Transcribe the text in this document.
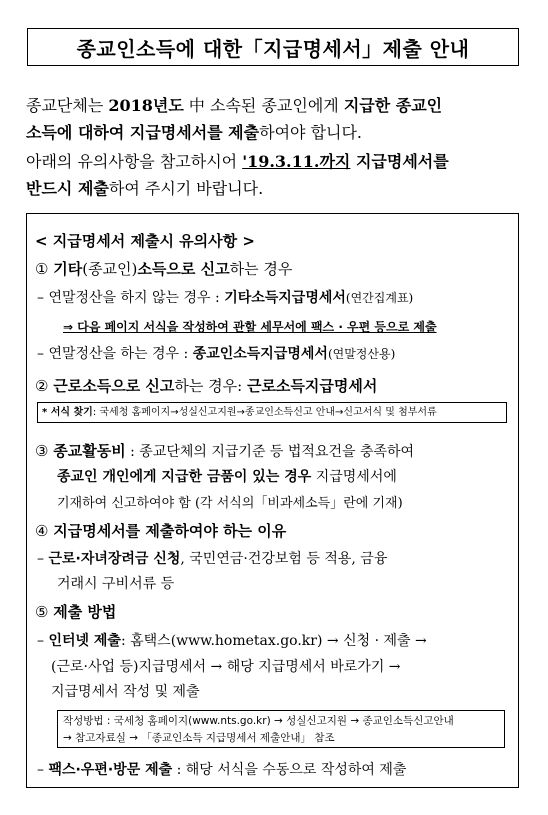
종교인소득에 대한「지급명세서」제출 안내
종교단체는 2018년도 中 소속된 종교인에게 지급한 종교인
소득에 대하여 지급명세서를 제출하여야 합니다.
아래의 유의사항을 참고하시어 '19.3.11.까지 지급명세서를
반드시 제출하여 주시기 바랍니다.
< 지급명세서 제출시 유의사항 >
① 기타(종교인)소득으로 신고하는 경우
– 연말정산을 하지 않는 경우 : 기타소득지급명세서(연간집계표)
⇒ 다음 페이지 서식을 작성하여 관할 세무서에 팩스 · 우편 등으로 제출
– 연말정산을 하는 경우 : 종교인소득지급명세서(연말정산용)
② 근로소득으로 신고하는 경우: 근로소득지급명세서
* 서식 찾기: 국세청 홈페이지→성실신고지원→종교인소득신고 안내→신고서식 및 첨부서류
③ 종교활동비 : 종교단체의 지급기준 등 법적요건을 충족하여
종교인 개인에게 지급한 금품이 있는 경우 지급명세서에
기재하여 신고하여야 함 (각 서식의「비과세소득」란에 기재)
④ 지급명세서를 제출하여야 하는 이유
– 근로·자녀장려금 신청, 국민연금·건강보험 등 적용, 금융
거래시 구비서류 등
⑤ 제출 방법
– 인터넷 제출: 홈택스(www.hometax.go.kr) → 신청 · 제출 →
(근로·사업 등)지급명세서 → 해당 지급명세서 바로가기 →
지급명세서 작성 및 제출
작성방법 : 국세청 홈페이지(www.nts.go.kr) → 성실신고지원 → 종교인소득신고안내
→ 참고자료실 → 「종교인소득 지급명세서 제출안내」 참조
– 팩스·우편·방문 제출 : 해당 서식을 수동으로 작성하여 제출
